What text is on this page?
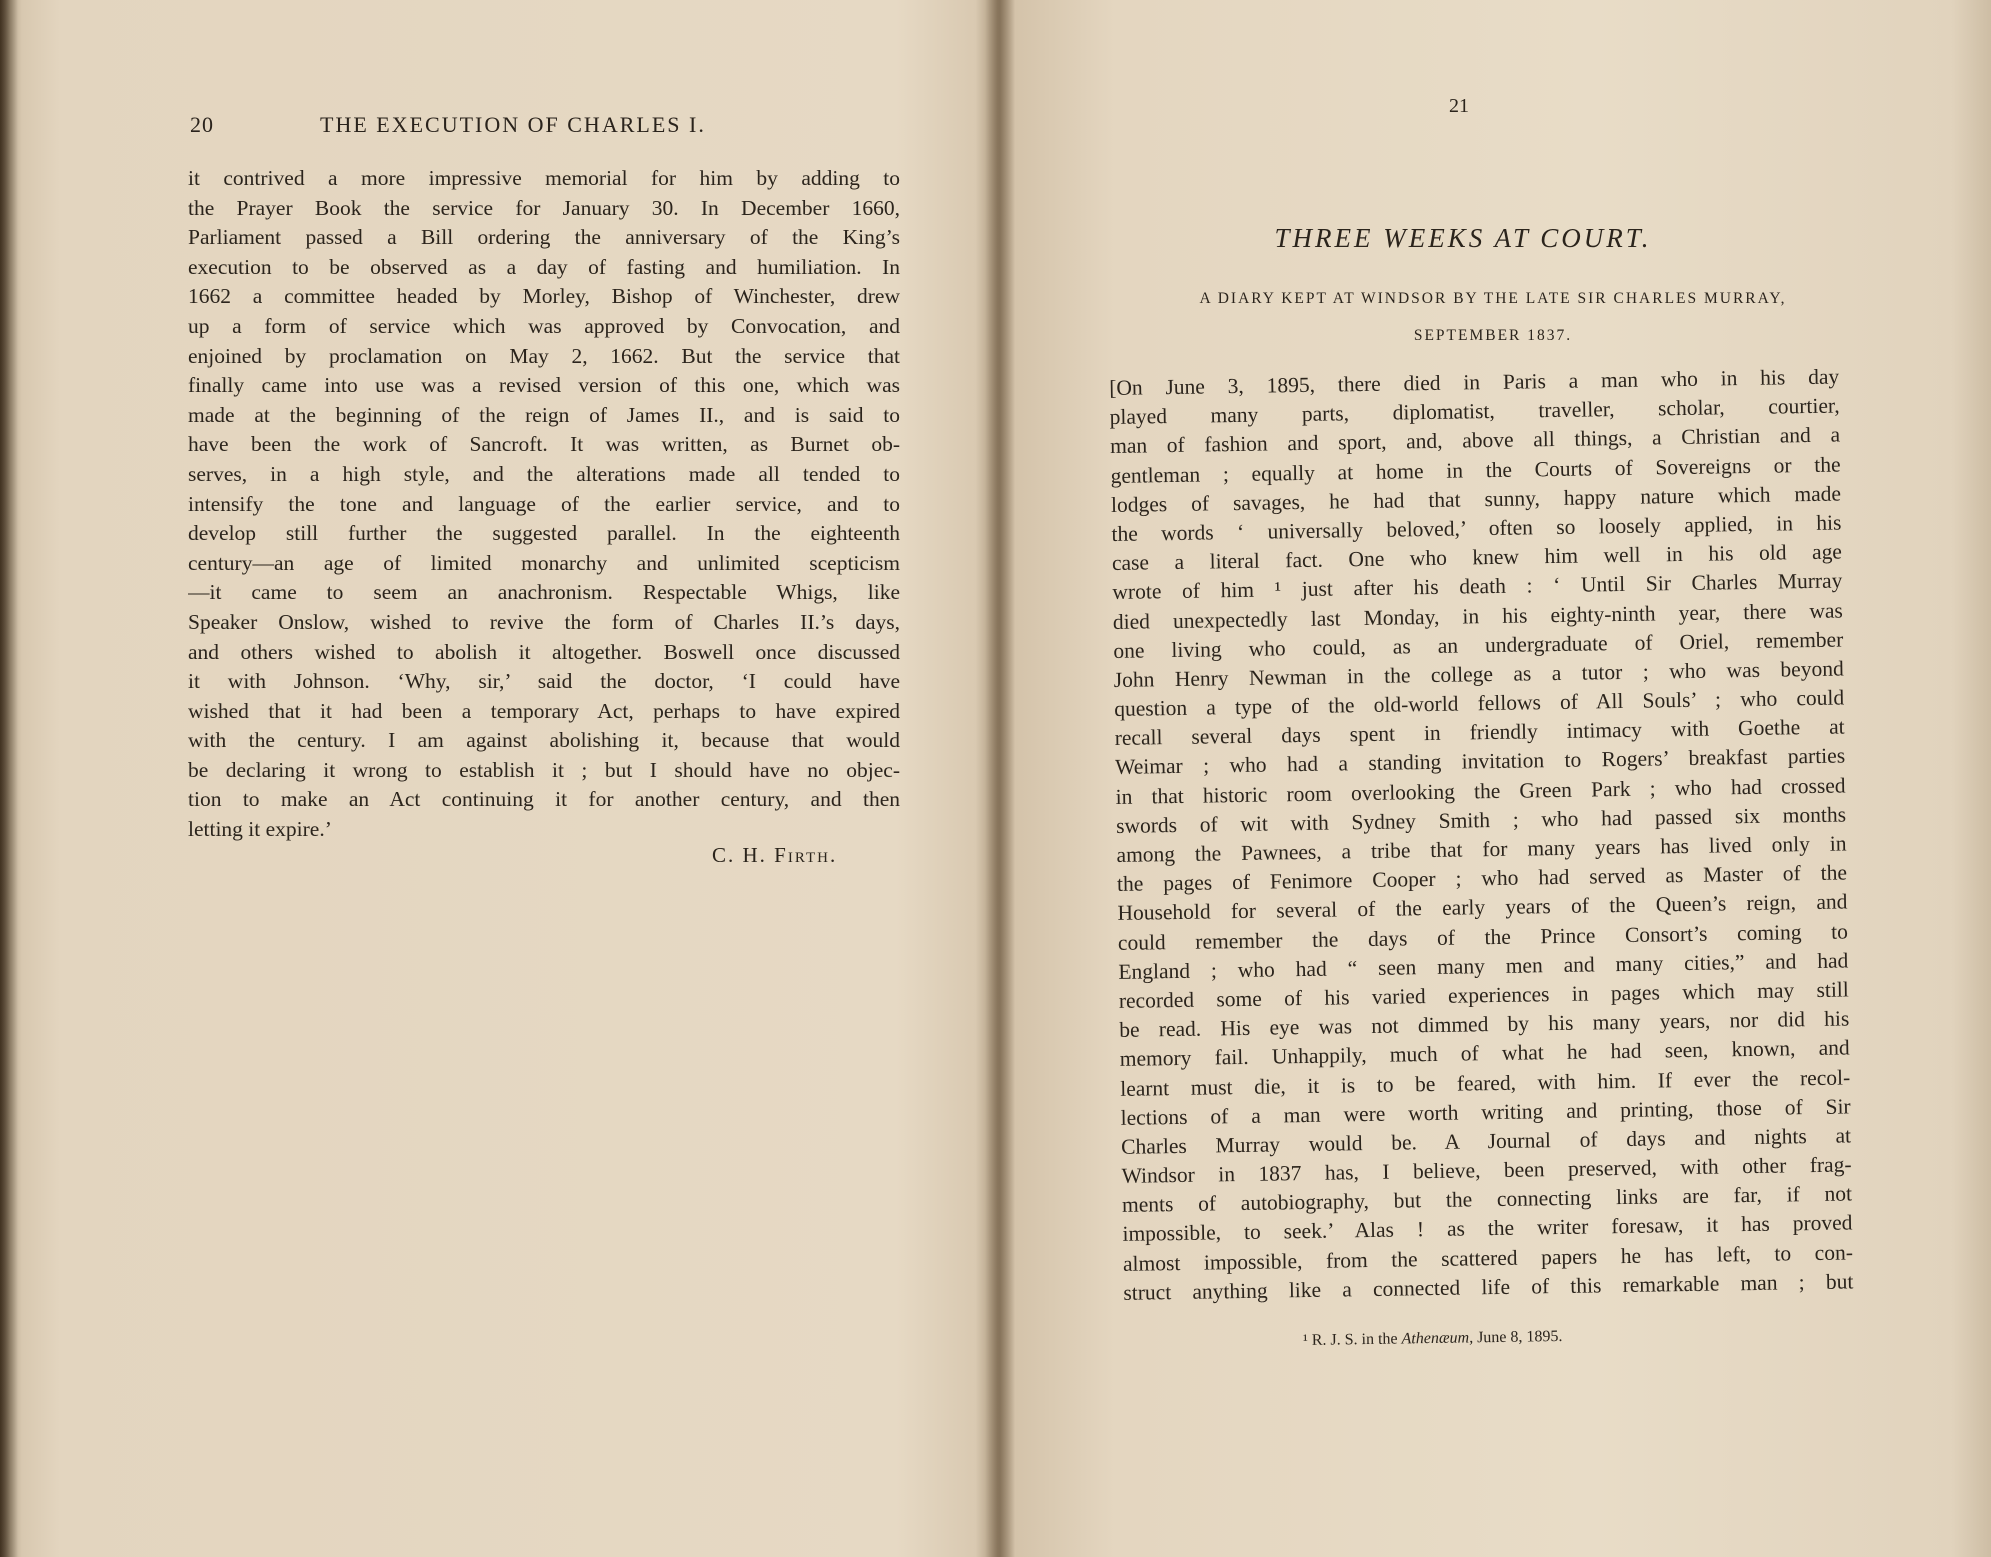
20	THE EXECUTION OF CHARLES I.
it contrived a more impressive memorial for him by adding to
the Prayer Book the service for January 30. In December 1660,
Parliament passed a Bill ordering the anniversary of the King’s
execution to be observed as a day of fasting and humiliation. In
1662 a committee headed by Morley, Bishop of Winchester, drew
up a form of service which was approved by Convocation, and
enjoined by proclamation on May 2, 1662. But the service that
finally came into use was a revised version of this one, which was
made at the beginning of the reign of James II., and is said to
have been the work of Sancroft. It was written, as Burnet ob-
serves, in a high style, and the alterations made all tended to
intensify the tone and language of the earlier service, and to
develop still further the suggested parallel. In the eighteenth
century—an age of limited monarchy and unlimited scepticism
—it came to seem an anachronism. Respectable Whigs, like
Speaker Onslow, wished to revive the form of Charles II.’s days,
and others wished to abolish it altogether. Boswell once discussed
it with Johnson. ‘Why, sir,’ said the doctor, ‘I could have
wished that it had been a temporary Act, perhaps to have expired
with the century. I am against abolishing it, because that would
be declaring it wrong to establish it ; but I should have no objec-
tion to make an Act continuing it for another century, and then
letting it expire.’
C. H. Firth.
21
THREE WEEKS AT COURT.
A DIARY KEPT AT WINDSOR BY THE LATE SIR CHARLES MURRAY,
SEPTEMBER 1837.
[On June 3, 1895, there died in Paris a man who in his day
played many parts, diplomatist, traveller, scholar, courtier,
man of fashion and sport, and, above all things, a Christian and a
gentleman ; equally at home in the Courts of Sovereigns or the
lodges of savages, he had that sunny, happy nature which made
the words ‘ universally beloved,’ often so loosely applied, in his
case a literal fact. One who knew him well in his old age
wrote of him ¹ just after his death : ‘ Until Sir Charles Murray
died unexpectedly last Monday, in his eighty-ninth year, there was
one living who could, as an undergraduate of Oriel, remember
John Henry Newman in the college as a tutor ; who was beyond
question a type of the old-world fellows of All Souls’ ; who could
recall several days spent in friendly intimacy with Goethe at
Weimar ; who had a standing invitation to Rogers’ breakfast parties
in that historic room overlooking the Green Park ; who had crossed
swords of wit with Sydney Smith ; who had passed six months
among the Pawnees, a tribe that for many years has lived only in
the pages of Fenimore Cooper ; who had served as Master of the
Household for several of the early years of the Queen’s reign, and
could remember the days of the Prince Consort’s coming to
England ; who had “ seen many men and many cities,” and had
recorded some of his varied experiences in pages which may still
be read. His eye was not dimmed by his many years, nor did his
memory fail. Unhappily, much of what he had seen, known, and
learnt must die, it is to be feared, with him. If ever the recol-
lections of a man were worth writing and printing, those of Sir
Charles Murray would be. A Journal of days and nights at
Windsor in 1837 has, I believe, been preserved, with other frag-
ments of autobiography, but the connecting links are far, if not
impossible, to seek.’ Alas ! as the writer foresaw, it has proved
almost impossible, from the scattered papers he has left, to con-
struct anything like a connected life of this remarkable man ; but
¹ R. J. S. in the Athenæum, June 8, 1895.
